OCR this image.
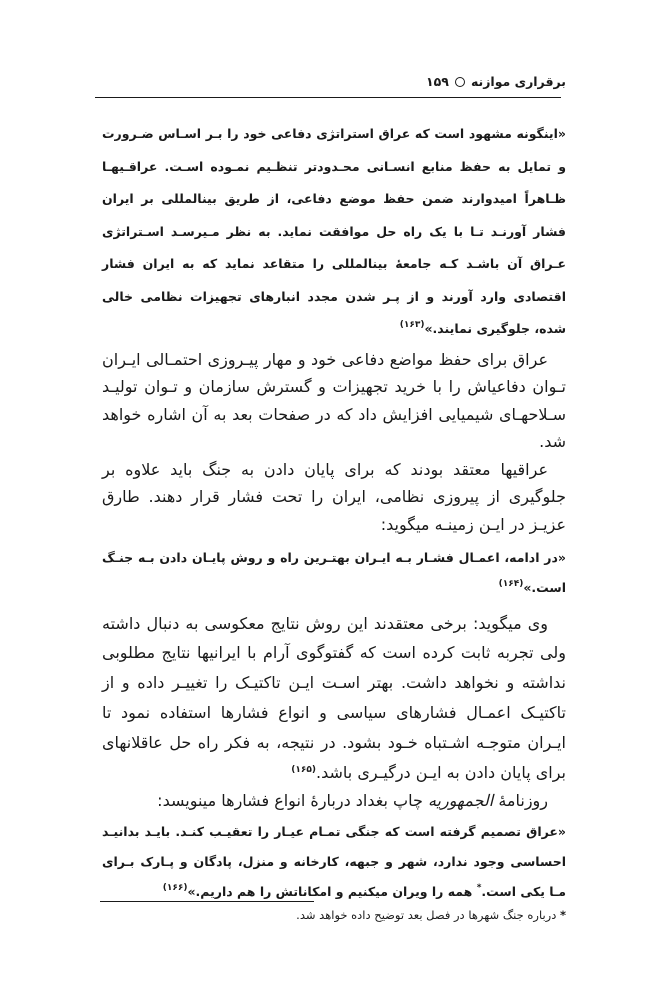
برقراری موازنه
۱۵۹
«اینگونه مشهود است که عراق استراتژی دفاعی خود را بـر اسـاس ضـرورت و تمایل به حفظ منابع انسـانی محـدودتر تنظـیم نمـوده اسـت. عراقـیهـا ظـاهراً امیدوارند ضمن حفظ موضع دفاعی، از طریق بینالمللی بر ایران فشار آورنـد تـا با یک راه حل موافقت نماید. به نظر مـیرسـد اسـتراتژی عـراق آن باشـد کـه جامعهٔ بینالمللی را متقاعد نماید که به ایران فشار اقتصادی وارد آورند و از پـر شدن مجدد انبارهای تجهیزات نظامی خالی شده، جلوگیری نمایند.»$^{(۱۶۳)}$
عراق برای حفظ مواضع دفاعی خود و مهار پیـروزی احتمـالی ایـران تـوان دفاعیاش را با خرید تجهیزات و گسترش سازمان و تـوان تولیـد سـلاحهـای شیمیایی افزایش داد که در صفحات بعد به آن اشاره خواهد شد.
عراقیها معتقد بودند که برای پایان دادن به جنگ باید علاوه بر جلوگیری از پیروزی نظامی، ایران را تحت فشار قرار دهند. طارق عزیـز در ایـن زمینـه میگوید:
«در ادامه، اعمـال فشـار بـه ایـران بهتـرین راه و روش پایـان دادن بـه جنـگ است.»$^{(۱۶۴)}$
وی میگوید: برخی معتقدند این روش نتایج معکوسی به دنبال داشته ولی تجربه ثابت کرده است که گفتوگوی آرام با ایرانیها نتایج مطلوبی نداشته و نخواهد داشت. بهتر اسـت ایـن تاکتیـک را تغییـر داده و از تاکتیـک اعمـال فشارهای سیاسی و انواع فشارها استفاده نمود تا ایـران متوجـه اشـتباه خـود بشود. در نتیجه، به فکر راه حل عاقلانهای برای پایان دادن به ایـن درگیـری باشد.$^{(۱۶۵)}$
روزنامهٔ الجمهوریه چاپ بغداد دربارهٔ انواع فشارها مینویسد:
«عراق تصمیم گرفته است که جنگی تمـام عیـار را تعقیـب کنـد. بایـد بدانیـد احساسی وجود ندارد، شهر و جبهه، کارخانه و منزل، پادگان و پـارک بـرای مـا یکی است.* همه را ویران میکنیم و امکاناتش را هم داریم.»$^{(۱۶۶)}$
* درباره جنگ شهرها در فصل بعد توضیح داده خواهد شد.
